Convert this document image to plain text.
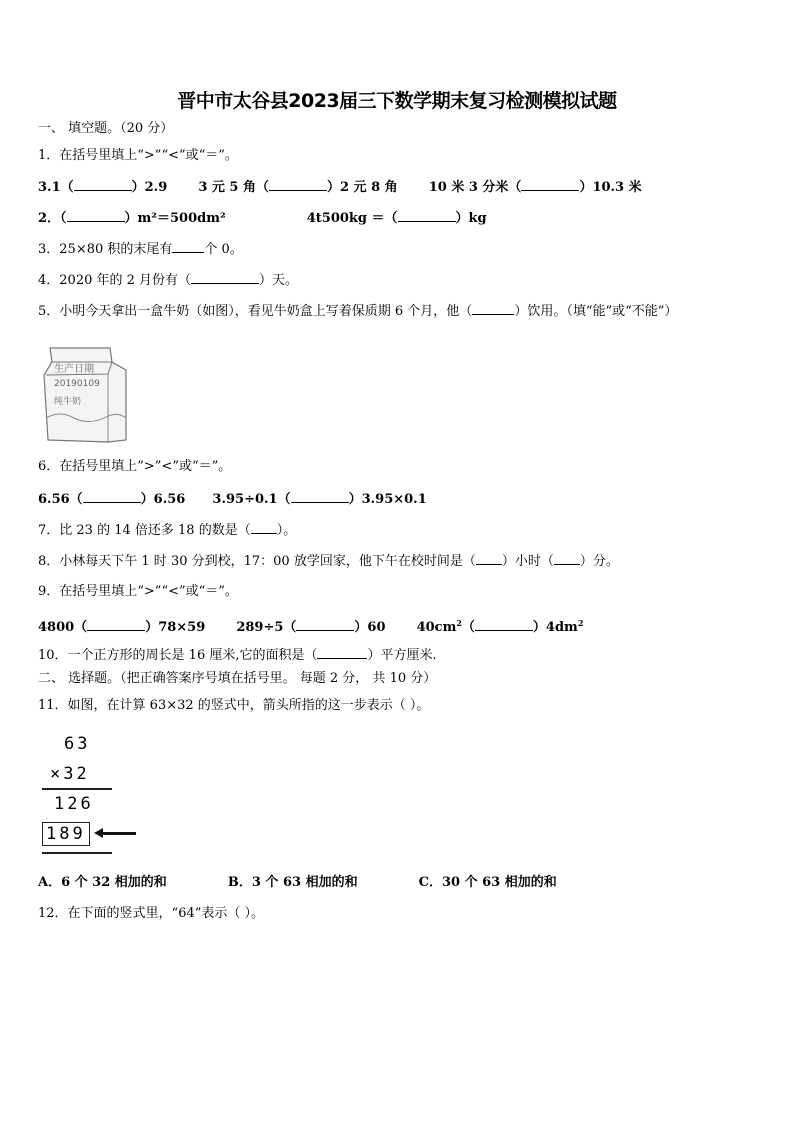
晋中市太谷县2023届三下数学期末复习检测模拟试题
一、 填空题。（20 分）
1．在括号里填上“>”“<”或“＝”。
3.1（	）2.9 3 元 5 角（	）2 元 8 角 10 米 3 分米（	）10.3 米
2．（	）m²＝500dm²	4t500kg ＝（	）kg
3．25×80 积的末尾有 个 0。
4．2020 年的 2 月份有（	）天。
5．小明今天拿出一盒牛奶（如图），看见牛奶盒上写着保质期 6 个月，他（	）饮用。（填“能”或“不能”）
生产日期
20190109
纯牛奶
6．在括号里填上”>”<”或“＝”。
6.56（	）6.56 3.95÷0.1（	）3.95×0.1
7．比 23 的 14 倍还多 18 的数是（ ）。
8．小林每天下午 1 时 30 分到校，17：00 放学回家，他下午在校时间是（ ）小时（ ）分。
9．在括号里填上“>”“<”或“＝”。
4800（	）78×59 289÷5（	）60 $40cm^2$（	）$4dm^2$
10．一个正方形的周长是 16 厘米,它的面积是（	）平方厘米.
二、 选择题。（把正确答案序号填在括号里。 每题 2 分， 共 10 分）
11．如图，在计算 63×32 的竖式中，箭头所指的这一步表示（ ）。
63
×32
126
189
A．6 个 32 相加的和	B．3 个 63 相加的和	C．30 个 63 相加的和
12．在下面的竖式里，“64”表示（ ）。
